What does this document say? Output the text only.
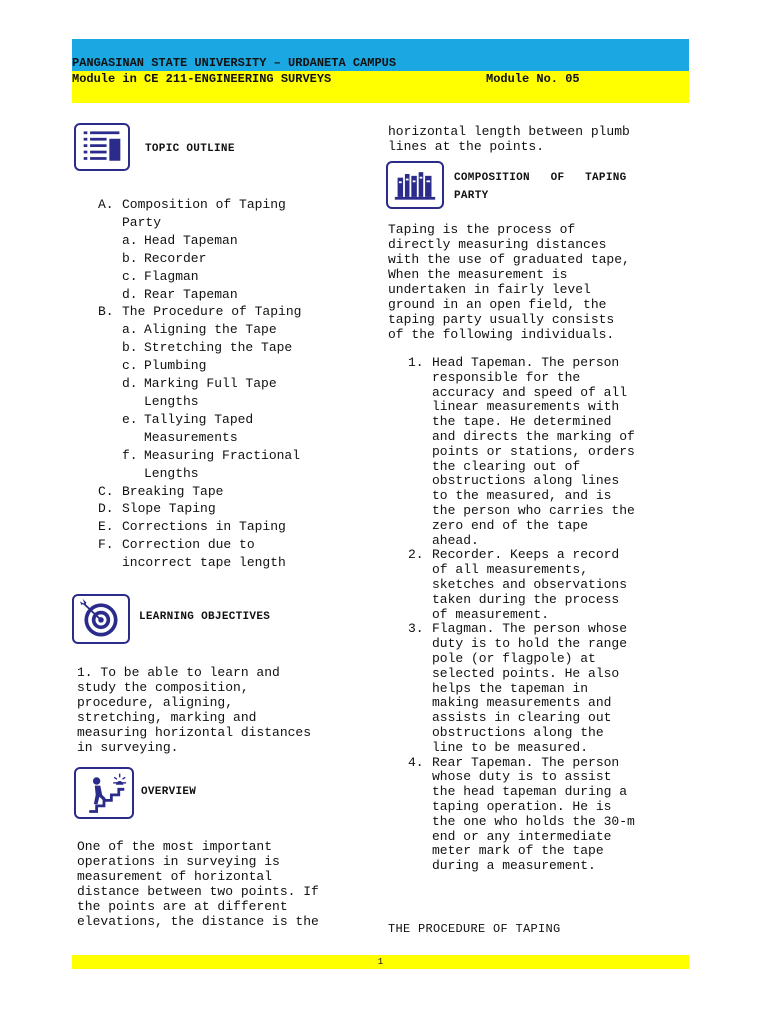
PANGASINAN STATE UNIVERSITY – URDANETA CAMPUS
Module in CE 211-ENGINEERING SURVEYS	Module No. 05
TOPIC OUTLINE
A. Composition of Taping
Party
a. Head Tapeman
b. Recorder
c. Flagman
d. Rear Tapeman
B. The Procedure of Taping
a. Aligning the Tape
b. Stretching the Tape
c. Plumbing
d. Marking Full Tape
Lengths
e. Tallying Taped
Measurements
f. Measuring Fractional
Lengths
C. Breaking Tape
D. Slope Taping
E. Corrections in Taping
F. Correction due to
incorrect tape length
LEARNING OBJECTIVES

1. To be able to learn and
study the composition,
procedure, aligning,
stretching, marking and
measuring horizontal distances
in surveying.

OVERVIEW

One of the most important
operations in surveying is
measurement of horizontal
distance between two points. If
the points are at different
elevations, the distance is the

horizontal length between plumb
lines at the points.

COMPOSITION   OF   TAPING
PARTY

Taping is the process of
directly measuring distances
with the use of graduated tape,
When the measurement is
undertaken in fairly level
ground in an open field, the
taping party usually consists
of the following individuals.

1. Head Tapeman. The person
responsible for the
accuracy and speed of all
linear measurements with
the tape. He determined
and directs the marking of
points or stations, orders
the clearing out of
obstructions along lines
to the measured, and is
the person who carries the
zero end of the tape
ahead.
2. Recorder. Keeps a record
of all measurements,
sketches and observations
taken during the process
of measurement.
3. Flagman. The person whose
duty is to hold the range
pole (or flagpole) at
selected points. He also
helps the tapeman in
making measurements and
assists in clearing out
obstructions along the
line to be measured.
4. Rear Tapeman. The person
whose duty is to assist
the head tapeman during a
taping operation. He is
the one who holds the 30-m
end or any intermediate
meter mark of the tape
during a measurement.
THE PROCEDURE OF TAPING
1
